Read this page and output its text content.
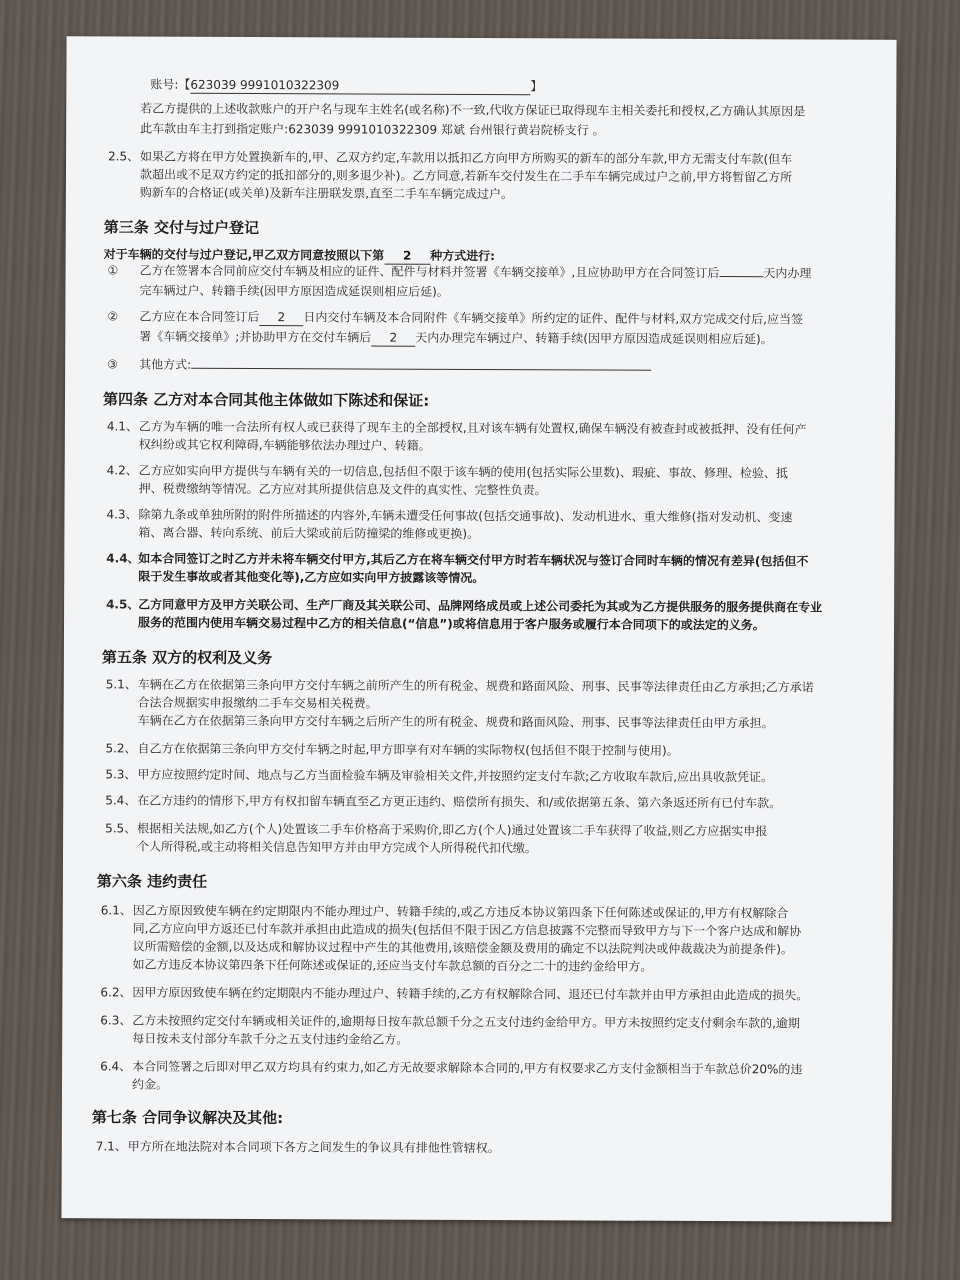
账号:【623039 9991010322309	】
若乙方提供的上述收款账户的开户名与现车主姓名(或名称)不一致,代收方保证已取得现车主相关委托和授权,乙方确认其原因是
此车款由车主打到指定账户:623039 9991010322309 郑斌 台州银行黄岩院桥支行 。
2.5、 如果乙方将在甲方处置换新车的,甲、乙双方约定,车款用以抵扣乙方向甲方所购买的新车的部分车款,甲方无需支付车款(但车
款超出或不足双方约定的抵扣部分的,则多退少补)。乙方同意,若新车交付发生在二手车车辆完成过户之前,甲方将暂留乙方所
购新车的合格证(或关单)及新车注册联发票,直至二手车车辆完成过户。
第三条 交付与过户登记
对于车辆的交付与过户登记,甲乙双方同意按照以下第 2 种方式进行:
① 乙方在签署本合同前应交付车辆及相应的证件、配件与材料并签署《车辆交接单》,且应协助甲方在合同签订后	天内办理
完车辆过户、转籍手续(因甲方原因造成延误则相应后延)。
② 乙方应在本合同签订后 2 日内交付车辆及本合同附件《车辆交接单》所约定的证件、配件与材料,双方完成交付后,应当签
署《车辆交接单》;并协助甲方在交付车辆后 2 天内办理完车辆过户、转籍手续(因甲方原因造成延误则相应后延)。
③ 其他方式:
第四条 乙方对本合同其他主体做如下陈述和保证:
4.1、 乙方为车辆的唯一合法所有权人或已获得了现车主的全部授权,且对该车辆有处置权,确保车辆没有被查封或被抵押、没有任何产
权纠纷或其它权利障碍,车辆能够依法办理过户、转籍。
4.2、 乙方应如实向甲方提供与车辆有关的一切信息,包括但不限于该车辆的使用(包括实际公里数)、瑕疵、事故、修理、检验、抵
押、税费缴纳等情况。乙方应对其所提供信息及文件的真实性、完整性负责。
4.3、 除第九条或单独所附的附件所描述的内容外,车辆未遭受任何事故(包括交通事故)、发动机进水、重大维修(指对发动机、变速
箱、离合器、转向系统、前后大梁或前后防撞梁的维修或更换)。
4.4、
如本合同签订之时乙方并未将车辆交付甲方,其后乙方在将车辆交付甲方时若车辆状况与签订合同时车辆的情况有差异(包括但不
限于发生事故或者其他变化等),乙方应如实向甲方披露该等情况。
4.5、
乙方同意甲方及甲方关联公司、生产厂商及其关联公司、品牌网络成员或上述公司委托为其或为乙方提供服务的服务提供商在专业
服务的范围内使用车辆交易过程中乙方的相关信息(“信息”)或将信息用于客户服务或履行本合同项下的或法定的义务。
第五条 双方的权利及义务
5.1、 车辆在乙方在依据第三条向甲方交付车辆之前所产生的所有税金、规费和路面风险、刑事、民事等法律责任由乙方承担;乙方承诺
合法合规据实申报缴纳二手车交易相关税费。
车辆在乙方在依据第三条向甲方交付车辆之后所产生的所有税金、规费和路面风险、刑事、民事等法律责任由甲方承担。
5.2、 自乙方在依据第三条向甲方交付车辆之时起,甲方即享有对车辆的实际物权(包括但不限于控制与使用)。
5.3、 甲方应按照约定时间、地点与乙方当面检验车辆及审验相关文件,并按照约定支付车款;乙方收取车款后,应出具收款凭证。
5.4、 在乙方违约的情形下,甲方有权扣留车辆直至乙方更正违约、赔偿所有损失、和/或依据第五条、第六条返还所有已付车款。
5.5、 根据相关法规,如乙方(个人)处置该二手车价格高于采购价,即乙方(个人)通过处置该二手车获得了收益,则乙方应据实申报
个人所得税,或主动将相关信息告知甲方并由甲方完成个人所得税代扣代缴。
第六条 违约责任
6.1、 因乙方原因致使车辆在约定期限内不能办理过户、转籍手续的,或乙方违反本协议第四条下任何陈述或保证的,甲方有权解除合
同,乙方应向甲方返还已付车款并承担由此造成的损失(包括但不限于因乙方信息披露不完整而导致甲方与下一个客户达成和解协
议所需赔偿的金额,以及达成和解协议过程中产生的其他费用,该赔偿金额及费用的确定不以法院判决或仲裁裁决为前提条件)。
如乙方违反本协议第四条下任何陈述或保证的,还应当支付车款总额的百分之二十的违约金给甲方。
6.2、 因甲方原因致使车辆在约定期限内不能办理过户、转籍手续的,乙方有权解除合同、退还已付车款并由甲方承担由此造成的损失。
6.3、 乙方未按照约定交付车辆或相关证件的,逾期每日按车款总额千分之五支付违约金给甲方。甲方未按照约定支付剩余车款的,逾期
每日按未支付部分车款千分之五支付违约金给乙方。
6.4、 本合同签署之后即对甲乙双方均具有约束力,如乙方无故要求解除本合同的,甲方有权要求乙方支付金额相当于车款总价20%的违
约金。
第七条 合同争议解决及其他:
7.1、 甲方所在地法院对本合同项下各方之间发生的争议具有排他性管辖权。
